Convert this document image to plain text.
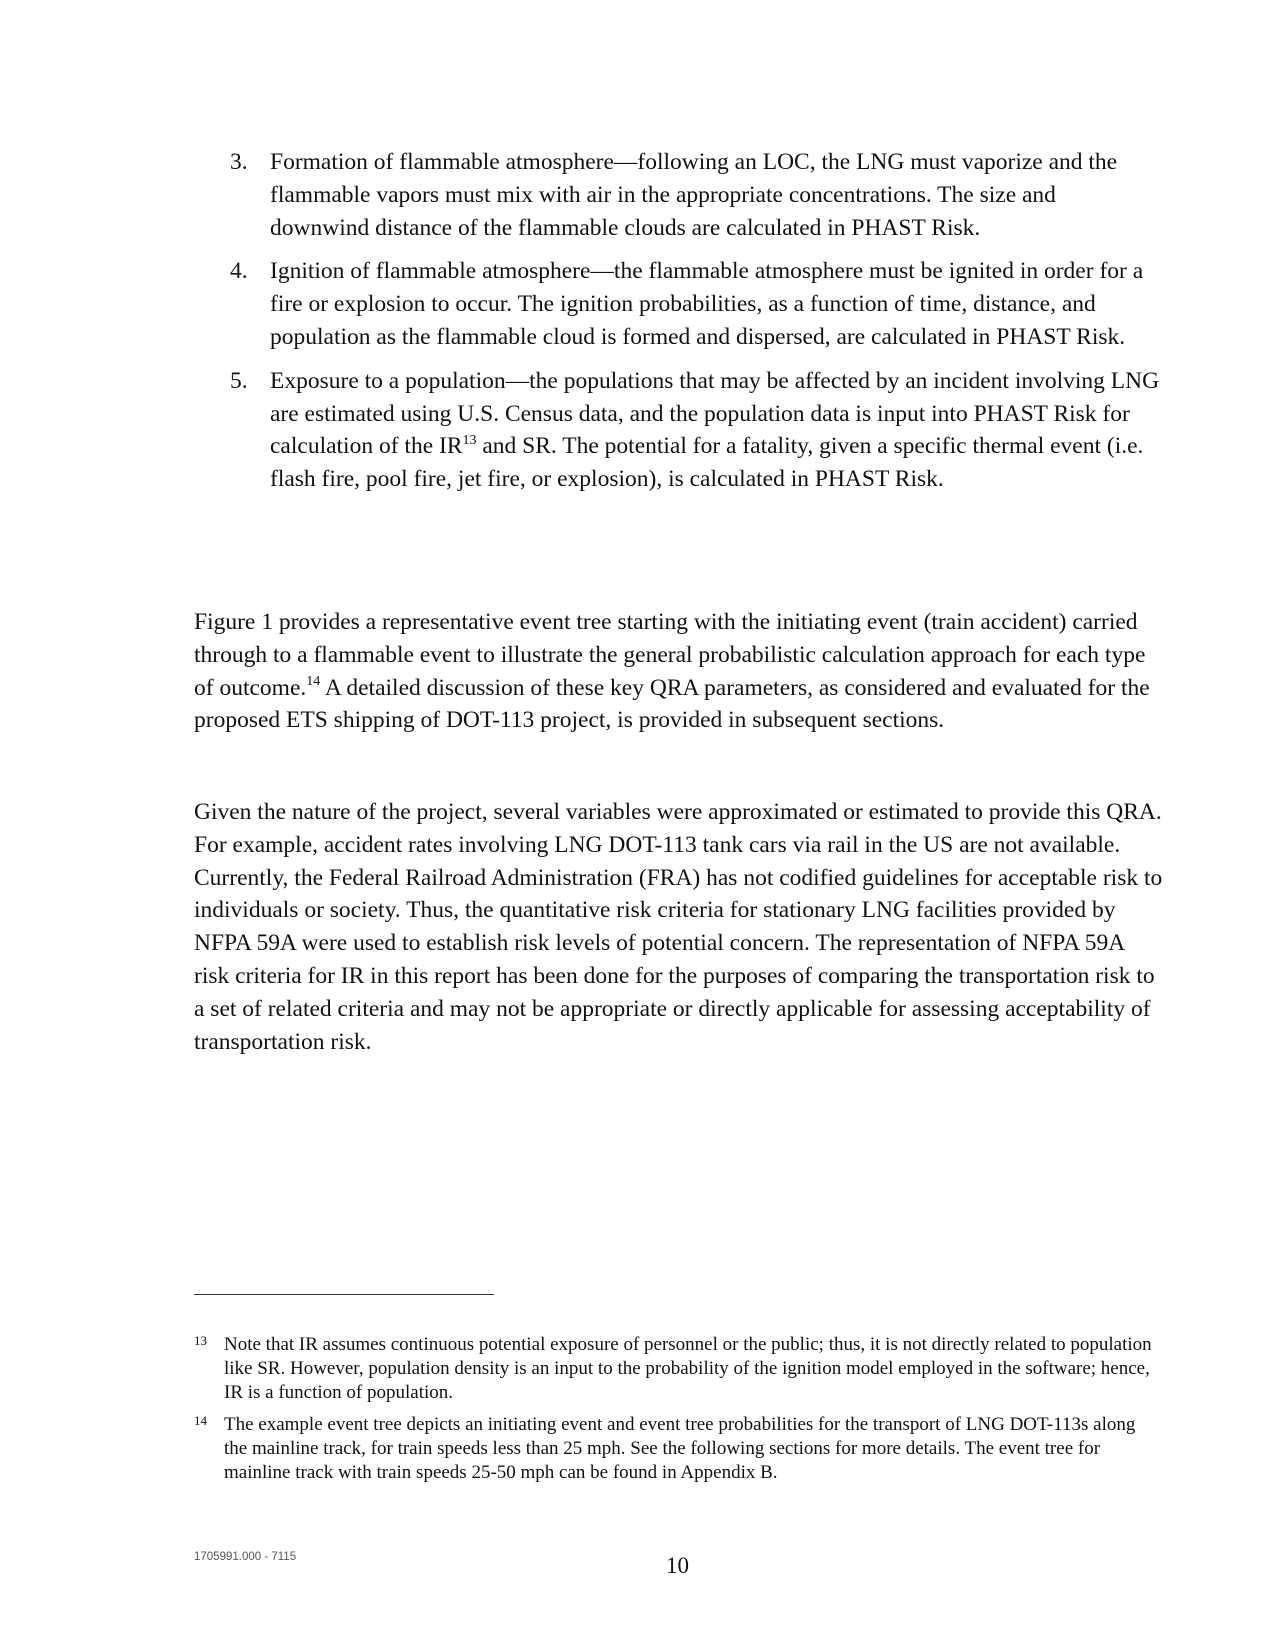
3. Formation of flammable atmosphere—following an LOC, the LNG must vaporize and the flammable vapors must mix with air in the appropriate concentrations. The size and downwind distance of the flammable clouds are calculated in PHAST Risk.
4. Ignition of flammable atmosphere—the flammable atmosphere must be ignited in order for a fire or explosion to occur. The ignition probabilities, as a function of time, distance, and population as the flammable cloud is formed and dispersed, are calculated in PHAST Risk.
5. Exposure to a population—the populations that may be affected by an incident involving LNG are estimated using U.S. Census data, and the population data is input into PHAST Risk for calculation of the IR$^{13}$ and SR. The potential for a fatality, given a specific thermal event (i.e. flash fire, pool fire, jet fire, or explosion), is calculated in PHAST Risk.

Figure 1 provides a representative event tree starting with the initiating event (train accident) carried through to a flammable event to illustrate the general probabilistic calculation approach for each type of outcome.$^{14}$ A detailed discussion of these key QRA parameters, as considered and evaluated for the proposed ETS shipping of DOT-113 project, is provided in subsequent sections.

Given the nature of the project, several variables were approximated or estimated to provide this QRA. For example, accident rates involving LNG DOT-113 tank cars via rail in the US are not available. Currently, the Federal Railroad Administration (FRA) has not codified guidelines for acceptable risk to individuals or society. Thus, the quantitative risk criteria for stationary LNG facilities provided by NFPA 59A were used to establish risk levels of potential concern. The representation of NFPA 59A risk criteria for IR in this report has been done for the purposes of comparing the transportation risk to a set of related criteria and may not be appropriate or directly applicable for assessing acceptability of transportation risk.

13 Note that IR assumes continuous potential exposure of personnel or the public; thus, it is not directly related to population like SR. However, population density is an input to the probability of the ignition model employed in the software; hence, IR is a function of population.
14 The example event tree depicts an initiating event and event tree probabilities for the transport of LNG DOT-113s along the mainline track, for train speeds less than 25 mph. See the following sections for more details. The event tree for mainline track with train speeds 25-50 mph can be found in Appendix B.
1705991.000 - 7115	10
